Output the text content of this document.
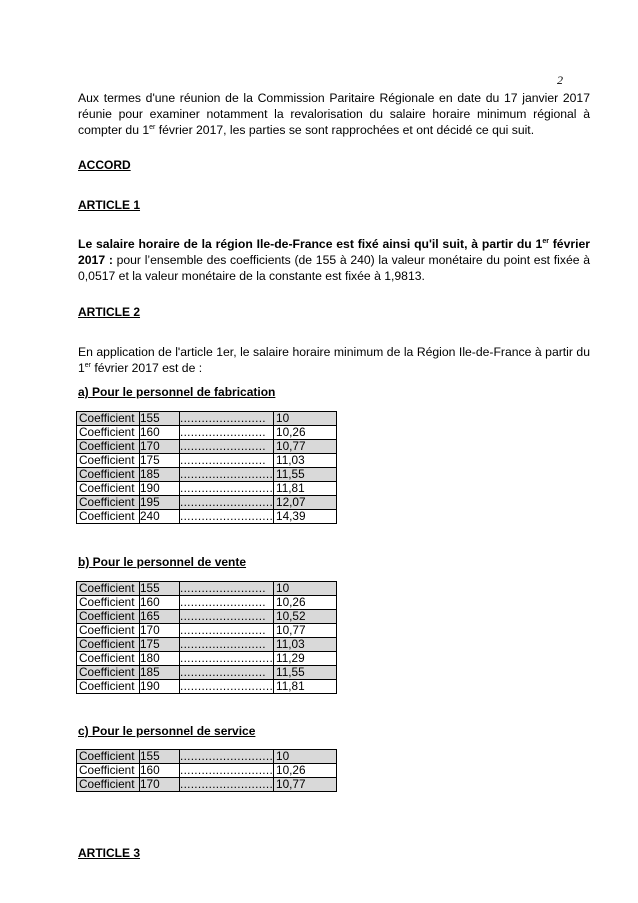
2

Aux termes d'une réunion de la Commission Paritaire Régionale en date du 17 janvier 2017 réunie pour examiner notamment la revalorisation du salaire horaire minimum régional à compter du 1er février 2017, les parties se sont rapprochées et ont décidé ce qui suit.

ACCORD

ARTICLE 1

Le salaire horaire de la région Ile-de-France est fixé ainsi qu'il suit, à partir du 1er février 2017 : pour l’ensemble des coefficients (de 155 à 240) la valeur monétaire du point est fixée à 0,0517 et la valeur monétaire de la constante est fixée à 1,9813.

ARTICLE 2

En application de l'article 1er, le salaire horaire minimum de la Région Ile-de-France à partir du 1er février 2017 est de :

a) Pour le personnel de fabrication

Coefficient	155	........................	10
Coefficient	160	........................	10,26
Coefficient	170	........................	10,77
Coefficient	175	........................	11,03
Coefficient	185	..........................	11,55
Coefficient	190	..........................	11,81
Coefficient	195	..........................	12,07
Coefficient	240	..........................	14,39

b) Pour le personnel de vente

Coefficient	155	........................	10
Coefficient	160	........................	10,26
Coefficient	165	........................	10,52
Coefficient	170	........................	10,77
Coefficient	175	........................	11,03
Coefficient	180	..........................	11,29
Coefficient	185	........................	11,55
Coefficient	190	..........................	11,81

c) Pour le personnel de service

Coefficient	155	..........................	10
Coefficient	160	..........................	10,26
Coefficient	170	..........................	10,77

ARTICLE 3
